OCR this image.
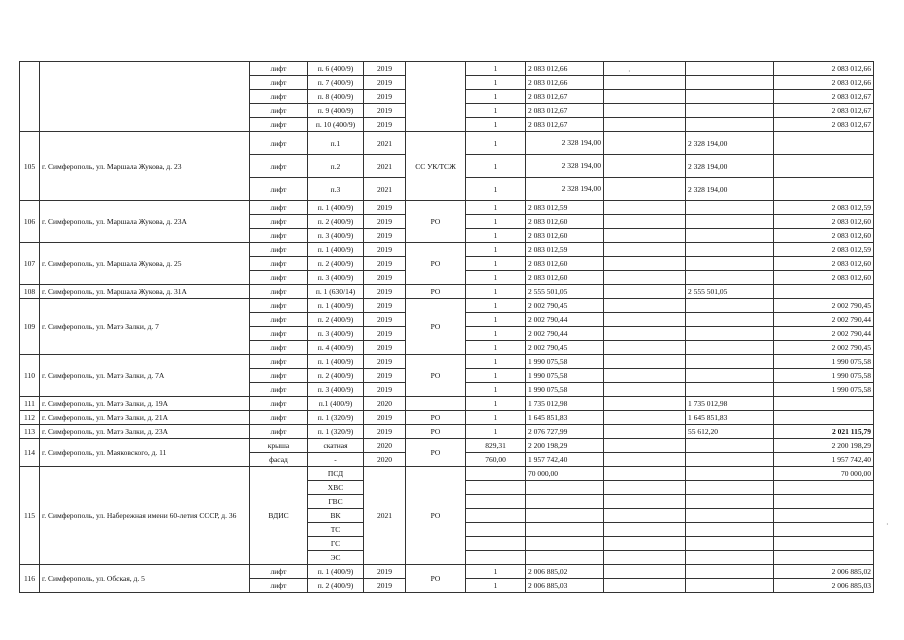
		лифт	п. 6 (400/9)	2019		1	2 083 012,66			2 083 012,66
		лифт	п. 7 (400/9)	2019		1	2 083 012,66			2 083 012,66
		лифт	п. 8 (400/9)	2019		1	2 083 012,67			2 083 012,67
		лифт	п. 9 (400/9)	2019		1	2 083 012,67			2 083 012,67
		лифт	п. 10 (400/9)	2019		1	2 083 012,67			2 083 012,67
105	г. Симферополь, ул. Маршала Жукова, д. 23	лифт	п.1	2021	СС УК/ТСЖ	1	2 328 194,00		2 328 194,00	
		лифт	п.2	2021		1	2 328 194,00		2 328 194,00	
		лифт	п.3	2021		1	2 328 194,00		2 328 194,00	
106	г. Симферополь, ул. Маршала Жукова, д. 23А	лифт	п. 1 (400/9)	2019	РО	1	2 083 012,59			2 083 012,59
		лифт	п. 2 (400/9)	2019		1	2 083 012,60			2 083 012,60
		лифт	п. 3 (400/9)	2019		1	2 083 012,60			2 083 012,60
107	г. Симферополь, ул. Маршала Жукова, д. 25	лифт	п. 1 (400/9)	2019	РО	1	2 083 012,59			2 083 012,59
		лифт	п. 2 (400/9)	2019		1	2 083 012,60			2 083 012,60
		лифт	п. 3 (400/9)	2019		1	2 083 012,60			2 083 012,60
108	г. Симферополь, ул. Маршала Жукова, д. 31А	лифт	п. 1 (630/14)	2019	РО	1	2 555 501,05		2 555 501,05	
109	г. Симферополь, ул. Матэ Залки, д. 7	лифт	п. 1 (400/9)	2019	РО	1	2 002 790,45			2 002 790,45
		лифт	п. 2 (400/9)	2019		1	2 002 790,44			2 002 790,44
		лифт	п. 3 (400/9)	2019		1	2 002 790,44			2 002 790,44
		лифт	п. 4 (400/9)	2019		1	2 002 790,45			2 002 790,45
110	г. Симферополь, ул. Матэ Залки, д. 7А	лифт	п. 1 (400/9)	2019	РО	1	1 990 075,58			1 990 075,58
		лифт	п. 2 (400/9)	2019		1	1 990 075,58			1 990 075,58
		лифт	п. 3 (400/9)	2019		1	1 990 075,58			1 990 075,58
111	г. Симферополь, ул. Матэ Залки, д. 19А	лифт	п.1 (400/9)	2020		1	1 735 012,98		1 735 012,98	
112	г. Симферополь, ул. Матэ Залки, д. 21А	лифт	п. 1 (320/9)	2019	РО	1	1 645 851,83		1 645 851,83	
113	г. Симферополь, ул. Матэ Залки, д. 23А	лифт	п. 1 (320/9)	2019	РО	1	2 076 727,99		55 612,20	2 021 115,79
114	г. Симферополь, ул. Маяковского, д. 11	крыша	скатная	2020	РО	829,31	2 200 198,29			2 200 198,29
		фасад	-	2020		760,00	1 957 742,40			1 957 742,40
115	г. Симферополь, ул. Набережная имени 60-летия СССР, д. 36	ВДИС	ПСД	2021	РО		70 000,00			70 000,00
			ХВС							
			ГВС							
			ВК							
			ТС							
			ГС							
			ЭС							
116	г. Симферополь, ул. Обская, д. 5	лифт	п. 1 (400/9)	2019	РО	1	2 006 885,02			2 006 885,02
		лифт	п. 2 (400/9)	2019		1	2 006 885,03			2 006 885,03
·
·
